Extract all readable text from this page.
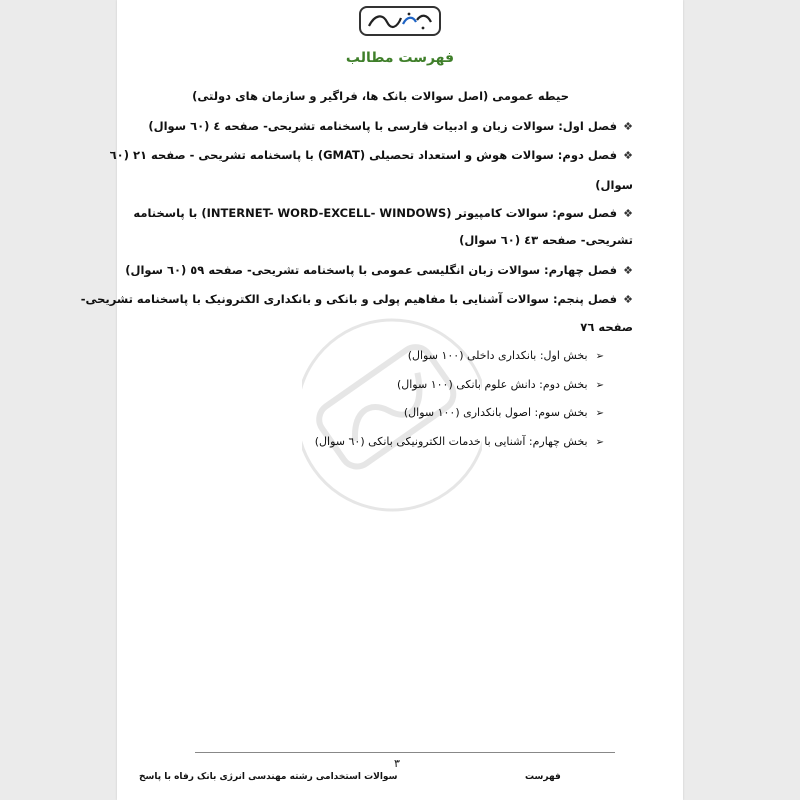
فهرست مطالب
حیطه عمومی (اصل سوالات بانک ها، فراگیر و سازمان های دولتی)
❖فصل اول: سوالات زبان و ادبیات فارسی با پاسخنامه تشریحی- صفحه ٤ (٦٠ سوال)
❖فصل دوم: سوالات هوش و استعداد تحصیلی (GMAT) با پاسخنامه تشریحی - صفحه ٢١ (٦٠
سوال)
❖فصل سوم: سوالات کامپیوتر (INTERNET- WORD-EXCELL- WINDOWS) با پاسخنامه
تشریحی- صفحه ٤٣ (٦٠ سوال)
❖فصل چهارم: سوالات زبان انگلیسی عمومی با پاسخنامه تشریحی- صفحه ٥٩ (٦٠ سوال)
❖فصل پنجم: سوالات آشنایی با مفاهیم پولی و بانکی و بانکداری الکترونیک با پاسخنامه تشریحی-
صفحه ٧٦
➢بخش اول: بانکداری داخلی (١٠٠ سوال)
➢بخش دوم: دانش علوم بانکی (١٠٠ سوال)
➢بخش سوم: اصول بانکداری (١٠٠ سوال)
➢بخش چهارم: آشنایی با خدمات الکترونیکی بانکی (٦٠ سوال)
٣
سوالات استخدامی رشته مهندسی انرژی بانک رفاه با پاسخ	فهرست
